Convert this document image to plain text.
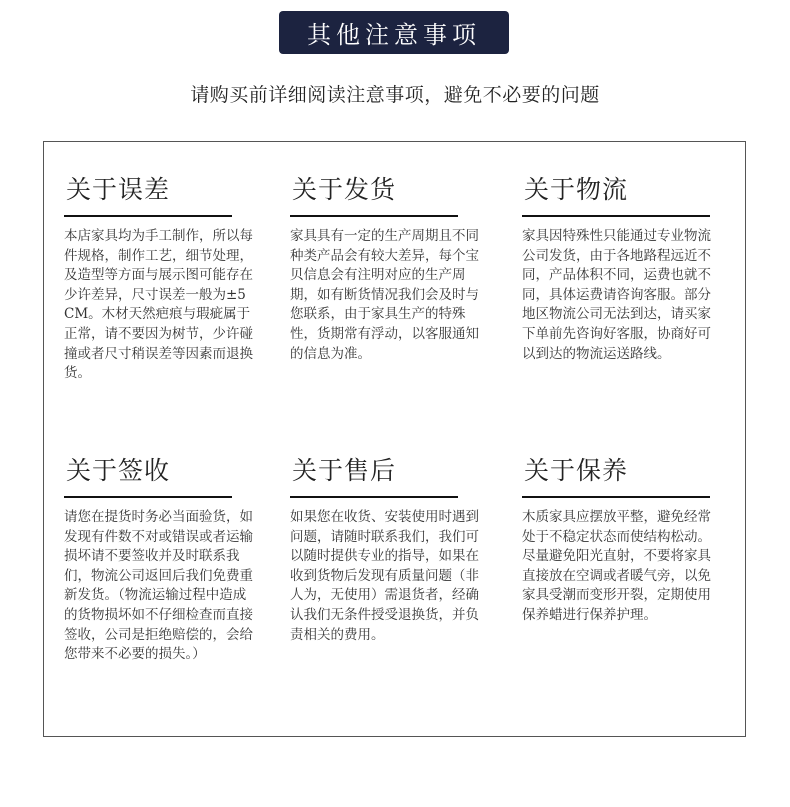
其他注意事项
请购买前详细阅读注意事项，避免不必要的问题
关于误差
本店家具均为手工制作，所以每件规格，制作工艺，细节处理，及造型等方面与展示图可能存在少许差异，尺寸误差一般为±5CM。木材天然疤痕与瑕疵属于正常，请不要因为树节，少许碰撞或者尺寸稍误差等因素而退换货。
关于发货
家具具有一定的生产周期且不同种类产品会有较大差异，每个宝贝信息会有注明对应的生产周期，如有断货情况我们会及时与您联系，由于家具生产的特殊性，货期常有浮动，以客服通知的信息为准。
关于物流
家具因特殊性只能通过专业物流公司发货，由于各地路程远近不同，产品体积不同，运费也就不同，具体运费请咨询客服。部分地区物流公司无法到达，请买家下单前先咨询好客服，协商好可以到达的物流运送路线。
关于签收
请您在提货时务必当面验货，如发现有件数不对或错误或者运输损坏请不要签收并及时联系我们，物流公司返回后我们免费重新发货。（物流运输过程中造成的货物损坏如不仔细检查而直接签收，公司是拒绝赔偿的，会给您带来不必要的损失。）
关于售后
如果您在收货、安装使用时遇到问题，请随时联系我们，我们可以随时提供专业的指导，如果在收到货物后发现有质量问题（非人为，无使用）需退货者，经确认我们无条件授受退换货，并负责相关的费用。
关于保养
木质家具应摆放平整，避免经常处于不稳定状态而使结构松动。尽量避免阳光直射，不要将家具直接放在空调或者暖气旁，以免家具受潮而变形开裂，定期使用保养蜡进行保养护理。
